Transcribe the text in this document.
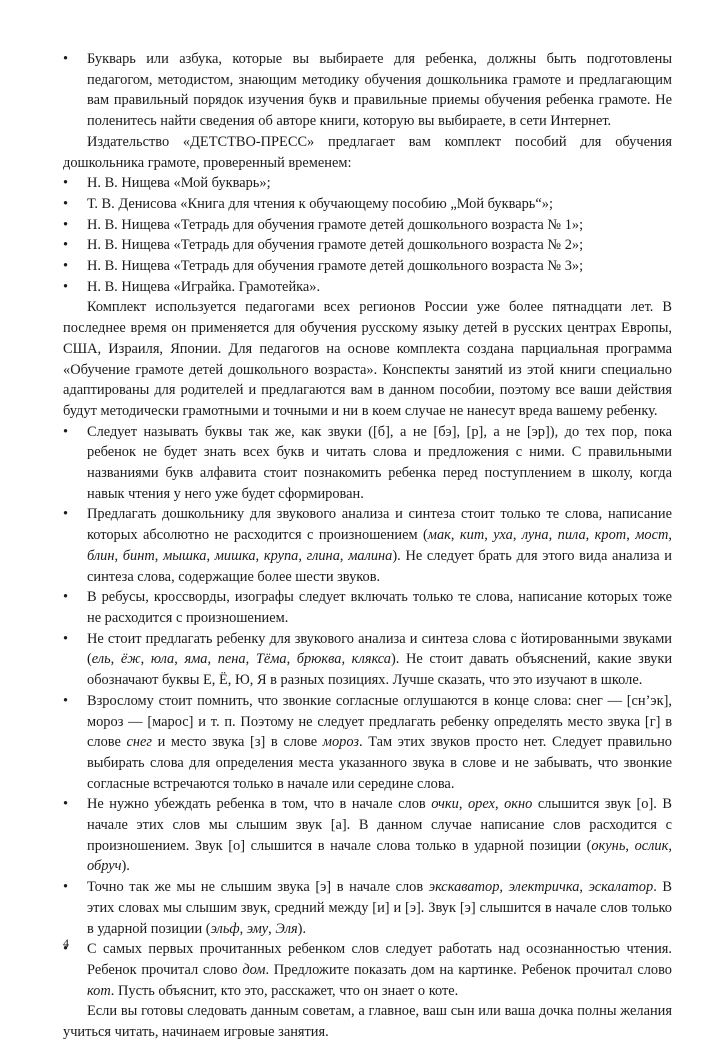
• Букварь или азбука, которые вы выбираете для ребенка, должны быть подготовлены педагогом, методистом, знающим методику обучения дошкольника грамоте и предлагающим вам правильный порядок изучения букв и правильные приемы обучения ребенка грамоте. Не поленитесь найти сведения об авторе книги, которую вы выбираете, в сети Интернет.

Издательство «ДЕТСТВО-ПРЕСС» предлагает вам комплект пособий для обучения дошкольника грамоте, проверенный временем:

• Н. В. Нищева «Мой букварь»;

• Т. В. Денисова «Книга для чтения к обучающему пособию „Мой букварь“»;

• Н. В. Нищева «Тетрадь для обучения грамоте детей дошкольного возраста № 1»;

• Н. В. Нищева «Тетрадь для обучения грамоте детей дошкольного возраста № 2»;

• Н. В. Нищева «Тетрадь для обучения грамоте детей дошкольного возраста № 3»;

• Н. В. Нищева «Играйка. Грамотейка».

Комплект используется педагогами всех регионов России уже более пятнадцати лет. В последнее время он применяется для обучения русскому языку детей в русских центрах Европы, США, Израиля, Японии. Для педагогов на основе комплекта создана парциальная программа «Обучение грамоте детей дошкольного возраста». Конспекты занятий из этой книги специально адаптированы для родителей и предлагаются вам в данном пособии, поэтому все ваши действия будут методически грамотными и точными и ни в коем случае не нанесут вреда вашему ребенку.

• Следует называть буквы так же, как звуки ([б], а не [бэ], [р], а не [эр]), до тех пор, пока ребенок не будет знать всех букв и читать слова и предложения с ними. С правильными названиями букв алфавита стоит познакомить ребенка перед поступлением в школу, когда навык чтения у него уже будет сформирован.

• Предлагать дошкольнику для звукового анализа и синтеза стоит только те слова, написание которых абсолютно не расходится с произношением (мак, кит, уха, луна, пила, крот, мост, блин, бинт, мышка, мишка, крупа, глина, малина). Не следует брать для этого вида анализа и синтеза слова, содержащие более шести звуков.

• В ребусы, кроссворды, изографы следует включать только те слова, написание которых тоже не расходится с произношением.

• Не стоит предлагать ребенку для звукового анализа и синтеза слова с йотированными звуками (ель, ёж, юла, яма, пена, Тёма, брюква, клякса). Не стоит давать объяснений, какие звуки обозначают буквы Е, Ё, Ю, Я в разных позициях. Лучше сказать, что это изучают в школе.

• Взрослому стоит помнить, что звонкие согласные оглушаются в конце слова: снег — [сн’эк], мороз — [марос] и т. п. Поэтому не следует предлагать ребенку определять место звука [г] в слове снег и место звука [з] в слове мороз. Там этих звуков просто нет. Следует правильно выбирать слова для определения места указанного звука в слове и не забывать, что звонкие согласные встречаются только в начале или середине слова.

• Не нужно убеждать ребенка в том, что в начале слов очки, орех, окно слышится звук [о]. В начале этих слов мы слышим звук [а]. В данном случае написание слов расходится с произношением. Звук [о] слышится в начале слова только в ударной позиции (окунь, ослик, обруч).

• Точно так же мы не слышим звука [э] в начале слов экскаватор, электричка, эскалатор. В этих словах мы слышим звук, средний между [и] и [э]. Звук [э] слышится в начале слов только в ударной позиции (эльф, эму, Эля).

• С самых первых прочитанных ребенком слов следует работать над осознанностью чтения. Ребенок прочитал слово дом. Предложите показать дом на картинке. Ребенок прочитал слово кот. Пусть объяснит, кто это, расскажет, что он знает о коте.

Если вы готовы следовать данным советам, а главное, ваш сын или ваша дочка полны желания учиться читать, начинаем игровые занятия.

4
